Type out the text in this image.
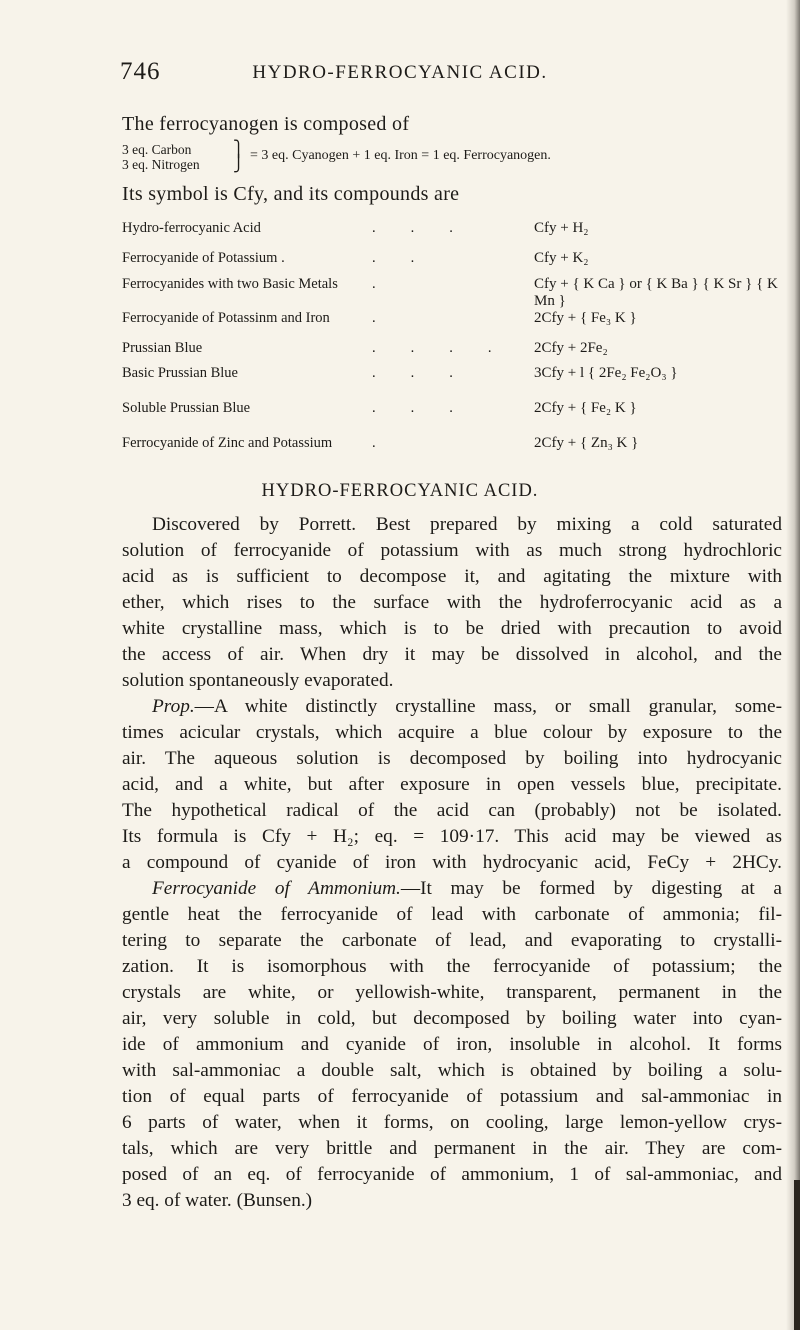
746	HYDRO-FERROCYANIC ACID.
The ferrocyanogen is composed of
3 eq. Carbon
3 eq. Nitrogen
⎫
⎭
= 3 eq. Cyanogen + 1 eq. Iron = 1 eq. Ferrocyanogen.
Its symbol is Cfy, and its compounds are
Hydro-ferrocyanic Acid	...	Cfy + H₂
Ferrocyanide of Potassium .	..	Cfy + K₂
Ferrocyanides with two Basic Metals .	Cfy + { K Ca } or { K Ba } { K Sr } { K Mn }
Ferrocyanide of Potassinm and Iron	.	2Cfy + { Fe₃ K }
Prussian Blue	.... 2Cfy + 2Fe₂
Basic Prussian Blue	...	3Cfy + l { 2Fe₂ Fe₂O₃ }
Soluble Prussian Blue	...	2Cfy + { Fe₂ K }
Ferrocyanide of Zinc and Potassium	.	2Cfy + { Zn₃ K }
HYDRO-FERROCYANIC ACID.
Discovered by Porrett. Best prepared by mixing a cold saturated
solution of ferrocyanide of potassium with as much strong hydrochloric
acid as is sufficient to decompose it, and agitating the mixture with
ether, which rises to the surface with the hydroferrocyanic acid as a
white crystalline mass, which is to be dried with precaution to avoid
the access of air. When dry it may be dissolved in alcohol, and the
solution spontaneously evaporated.
Prop.—A white distinctly crystalline mass, or small granular, some-
times acicular crystals, which acquire a blue colour by exposure to the
air. The aqueous solution is decomposed by boiling into hydrocyanic
acid, and a white, but after exposure in open vessels blue, precipitate.
The hypothetical radical of the acid can (probably) not be isolated.
Its formula is Cfy + H₂; eq. = 109·17. This acid may be viewed as
a compound of cyanide of iron with hydrocyanic acid, FeCy + 2HCy.
Ferrocyanide of Ammonium.—It may be formed by digesting at a
gentle heat the ferrocyanide of lead with carbonate of ammonia; fil-
tering to separate the carbonate of lead, and evaporating to crystalli-
zation. It is isomorphous with the ferrocyanide of potassium; the
crystals are white, or yellowish-white, transparent, permanent in the
air, very soluble in cold, but decomposed by boiling water into cyan-
ide of ammonium and cyanide of iron, insoluble in alcohol. It forms
with sal-ammoniac a double salt, which is obtained by boiling a solu-
tion of equal parts of ferrocyanide of potassium and sal-ammoniac in
6 parts of water, when it forms, on cooling, large lemon-yellow crys-
tals, which are very brittle and permanent in the air. They are com-
posed of an eq. of ferrocyanide of ammonium, 1 of sal-ammoniac, and
3 eq. of water. (Bunsen.)
